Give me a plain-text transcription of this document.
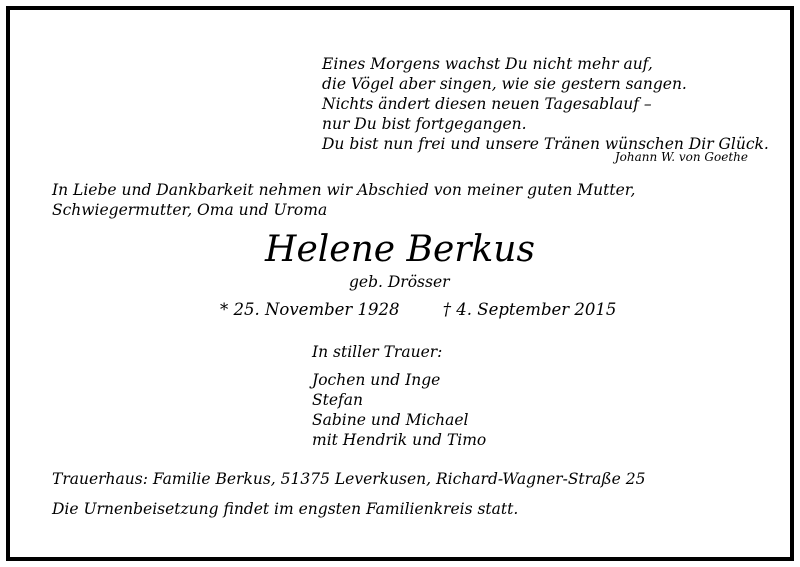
Eines Morgens wachst Du nicht mehr auf,
die Vögel aber singen, wie sie gestern sangen.
Nichts ändert diesen neuen Tagesablauf –
nur Du bist fortgegangen.
Du bist nun frei und unsere Tränen wünschen Dir Glück.
Johann W. von Goethe
In Liebe und Dankbarkeit nehmen wir Abschied von meiner guten Mutter, Schwiegermutter, Oma und Uroma
Helene Berkus
geb. Drösser
* 25. November 1928	† 4. September 2015
In stiller Trauer:
Jochen und Inge
Stefan
Sabine und Michael
mit Hendrik und Timo
Trauerhaus: Familie Berkus, 51375 Leverkusen, Richard-Wagner-Straße 25
Die Urnenbeisetzung findet im engsten Familienkreis statt.
